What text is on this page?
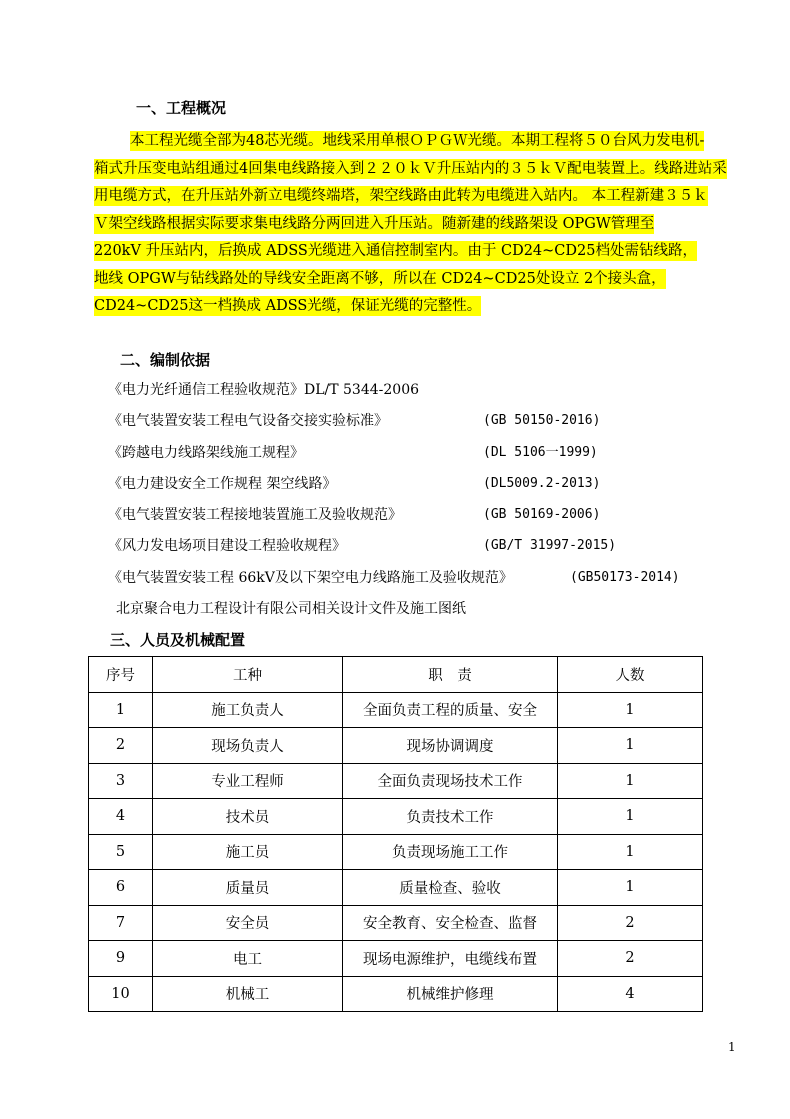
一、工程概况
本工程光缆全部为48芯光缆。地线采用单根ＯＰＧＷ光缆。本期工程将５０台风力发电机-
箱式升压变电站组通过4回集电线路接入到２２０ｋＶ升压站内的３５ｋＶ配电装置上。线路进站采
用电缆方式，在升压站外新立电缆终端塔，架空线路由此转为电缆进入站内。 本工程新建３５ｋ
Ｖ架空线路根据实际要求集电线路分两回进入升压站。随新建的线路架设 OPGW管理至
220kV 升压站内，后换成 ADSS光缆进入通信控制室内。由于 CD24~CD25档处需钻线路，
地线 OPGW与钻线路处的导线安全距离不够，所以在 CD24~CD25处设立 2个接头盒，
CD24~CD25这一档换成 ADSS光缆，保证光缆的完整性。
二、编制依据
《电力光纤通信工程验收规范》DL/T 5344-2006
《电气装置安装工程电气设备交接实验标准》	(GB 50150-2016)
《跨越电力线路架线施工规程》	(DL 5106一1999)
《电力建设安全工作规程 架空线路》	(DL5009.2-2013)
《电气装置安装工程接地装置施工及验收规范》	(GB 50169-2006)
《风力发电场项目建设工程验收规程》	(GB/T 31997-2015)
《电气装置安装工程 66kV及以下架空电力线路施工及验收规范》	(GB50173-2014)
北京聚合电力工程设计有限公司相关设计文件及施工图纸
三、人员及机械配置
序号	工种	职　责	人数
1	施工负责人	全面负责工程的质量、安全	1
2	现场负责人	现场协调调度	1
3	专业工程师	全面负责现场技术工作	1
4	技术员	负责技术工作	1
5	施工员	负责现场施工工作	1
6	质量员	质量检查、验收	1
7	安全员	安全教育、安全检查、监督	2
9	电工	现场电源维护，电缆线布置	2
10	机械工	机械维护修理	4
1
